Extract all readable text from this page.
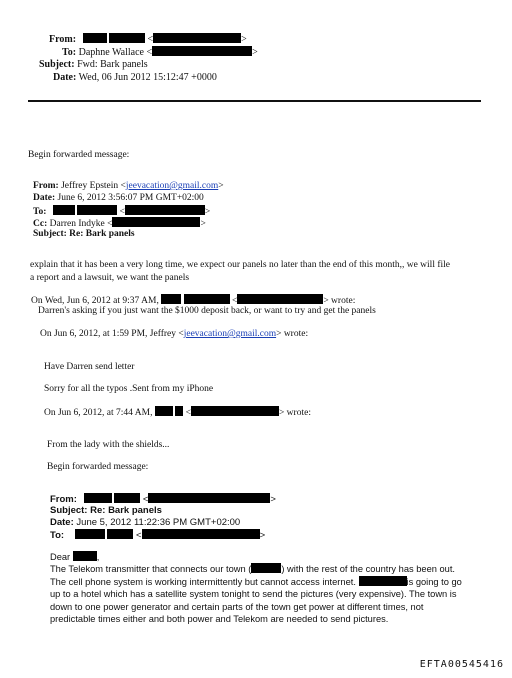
From:	<	>
To: Daphne Wallace <	>
Subject: Fwd: Bark panels
Date: Wed, 06 Jun 2012 15:12:47 +0000
Begin forwarded message:
From: Jeffrey Epstein <jeevacation@gmail.com>
Date: June 6, 2012 3:56:07 PM GMT+02:00
To:	<	>
Cc: Darren Indyke <	>
Subject: Re: Bark panels
explain that it has been a very long time, we expect our panels no later than the end of this month,, we will file
a report and a lawsuit, we want the panels
On Wed, Jun 6, 2012 at 9:37 AM,	<	> wrote:
Darren's asking if you just want the $1000 deposit back, or want to try and get the panels
On Jun 6, 2012, at 1:59 PM, Jeffrey <jeevacation@gmail.com> wrote:
Have Darren send letter
Sorry for all the typos .Sent from my iPhone
On Jun 6, 2012, at 7:44 AM,	<	> wrote:
From the lady with the shields...
Begin forwarded message:
From:	<	>
Subject: Re: Bark panels
Date: June 5, 2012 11:22:36 PM GMT+02:00
To:	<	>
Dear	,
The Telekom transmitter that connects our town (	) with the rest of the country has been out.
The cell phone system is working intermittently but cannot access internet.	is going to go
up to a hotel which has a satellite system tonight to send the pictures (very expensive). The town is
down to one power generator and certain parts of the town get power at different times, not
predictable times either and both power and Telekom are needed to send pictures.
EFTA00545416
